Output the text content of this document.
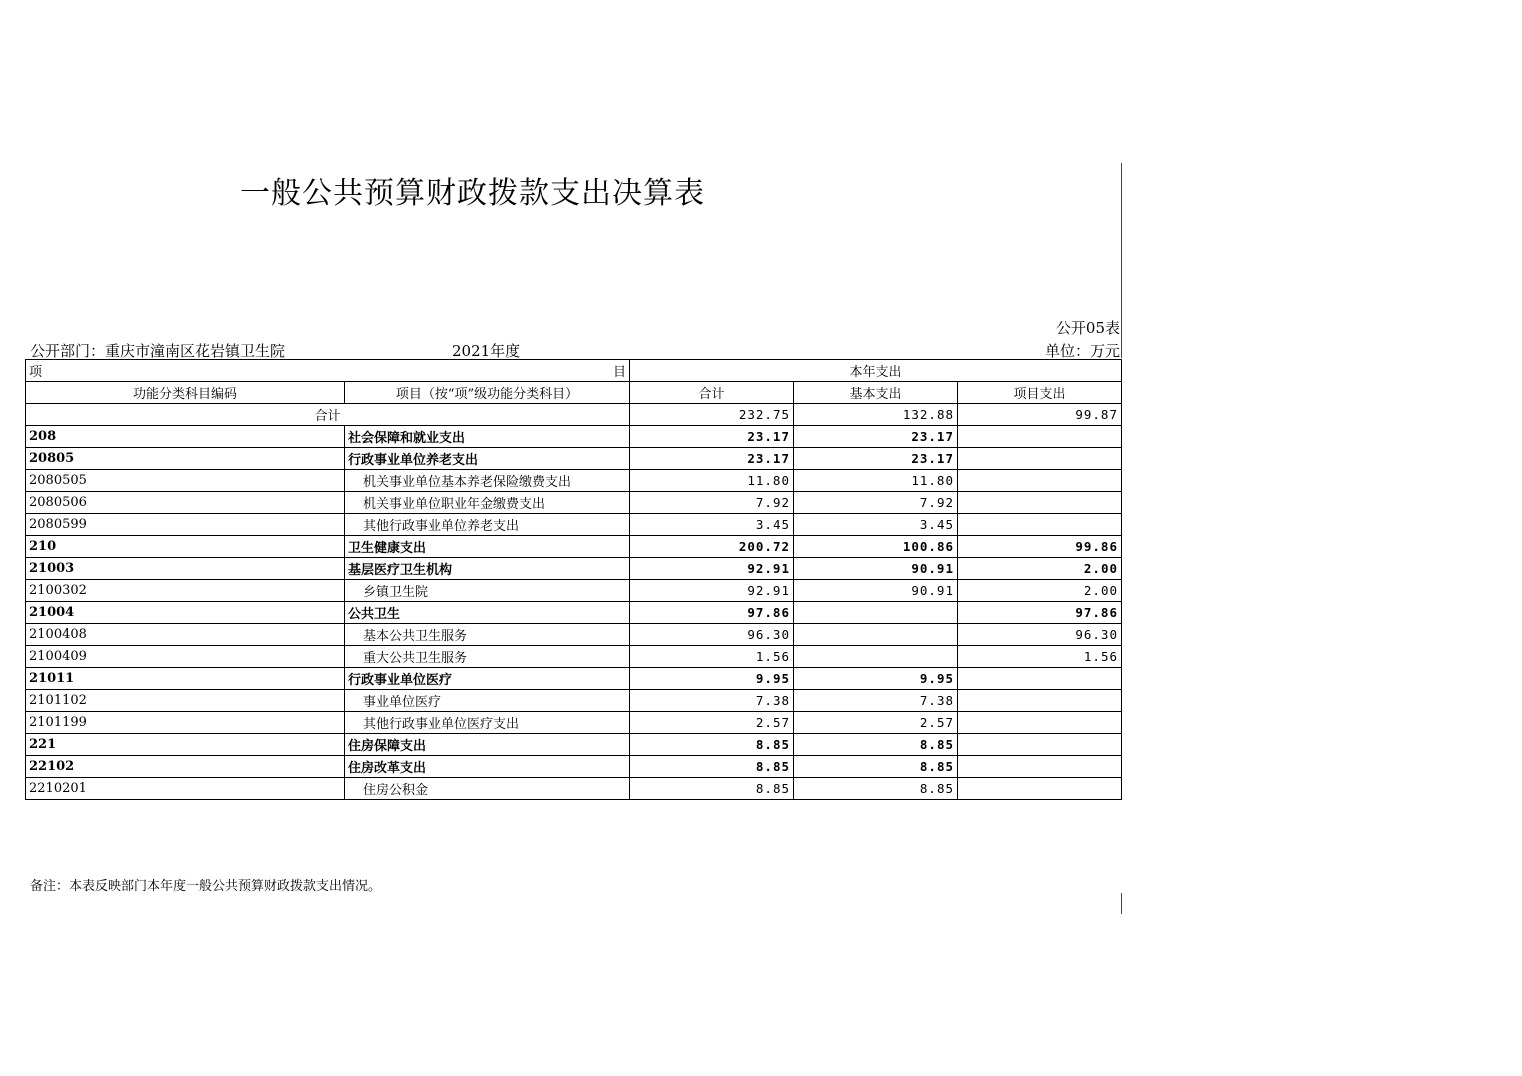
一般公共预算财政拨款支出决算表
公开05表
公开部门：重庆市潼南区花岩镇卫生院	2021年度	单位：万元
项 目		本年支出		
功能分类科目编码	项目（按“项”级功能分类科目）	合计	基本支出	项目支出
合计		232.75	132.88	99.87
208	社会保障和就业支出	23.17	23.17	
20805	行政事业单位养老支出	23.17	23.17	
2080505	机关事业单位基本养老保险缴费支出	11.80	11.80	
2080506	机关事业单位职业年金缴费支出	7.92	7.92	
2080599	其他行政事业单位养老支出	3.45	3.45	
210	卫生健康支出	200.72	100.86	99.86
21003	基层医疗卫生机构	92.91	90.91	2.00
2100302	乡镇卫生院	92.91	90.91	2.00
21004	公共卫生	97.86		97.86
2100408	基本公共卫生服务	96.30		96.30
2100409	重大公共卫生服务	1.56		1.56
21011	行政事业单位医疗	9.95	9.95	
2101102	事业单位医疗	7.38	7.38	
2101199	其他行政事业单位医疗支出	2.57	2.57	
221	住房保障支出	8.85	8.85	
22102	住房改革支出	8.85	8.85	
2210201	住房公积金	8.85	8.85	
备注：本表反映部门本年度一般公共预算财政拨款支出情况。
